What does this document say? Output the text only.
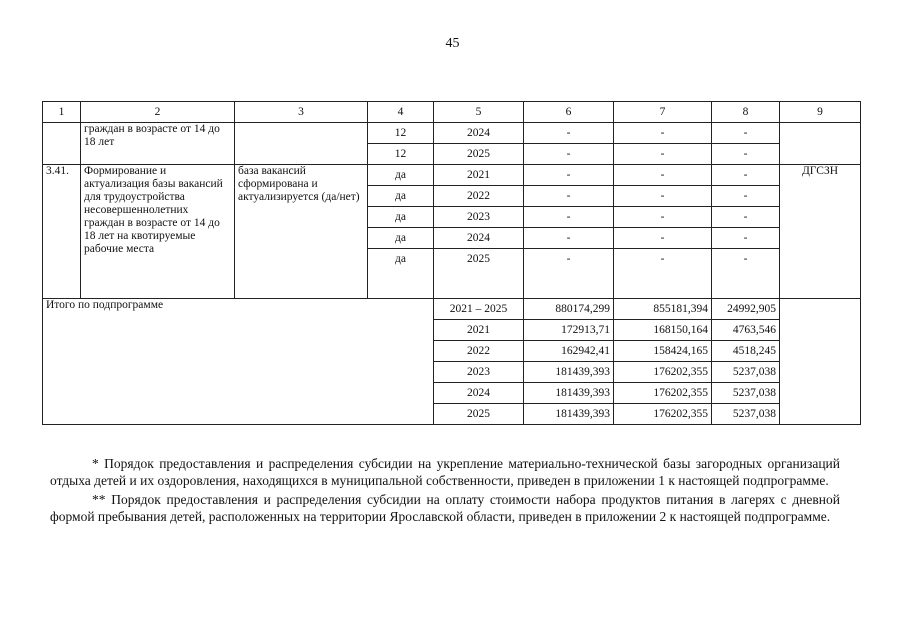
45
1	2	3	4	5	6	7	8	9
	граждан в возрасте от 14 до 18 лет		12	2024	-	-	-	
			12	2025	-	-	-	
3.41.	Формирование и актуализация базы вакансий для трудоустройства несовершеннолетних граждан в возрасте от 14 до 18 лет на квотируемые рабочие места	база вакансий сформирована и актуализируется (да/нет)	да	2021	-	-	-	ДГСЗН
			да	2022	-	-	-	
			да	2023	-	-	-	
			да	2024	-	-	-	
			да	2025	-	-	-	
Итого по подпрограмме				2021 – 2025	880174,299	855181,394	24992,905	
				2021	172913,71	168150,164	4763,546	
				2022	162942,41	158424,165	4518,245	
				2023	181439,393	176202,355	5237,038	
				2024	181439,393	176202,355	5237,038	
				2025	181439,393	176202,355	5237,038	

* Порядок предоставления и распределения субсидии на укрепление материально-технической базы загородных организаций отдыха детей и их оздоровления, находящихся в муниципальной собственности, приведен в приложении 1 к настоящей подпрограмме.

** Порядок предоставления и распределения субсидии на оплату стоимости набора продуктов питания в лагерях с дневной формой пребывания детей, расположенных на территории Ярославской области, приведен в приложении 2 к настоящей подпрограмме.
